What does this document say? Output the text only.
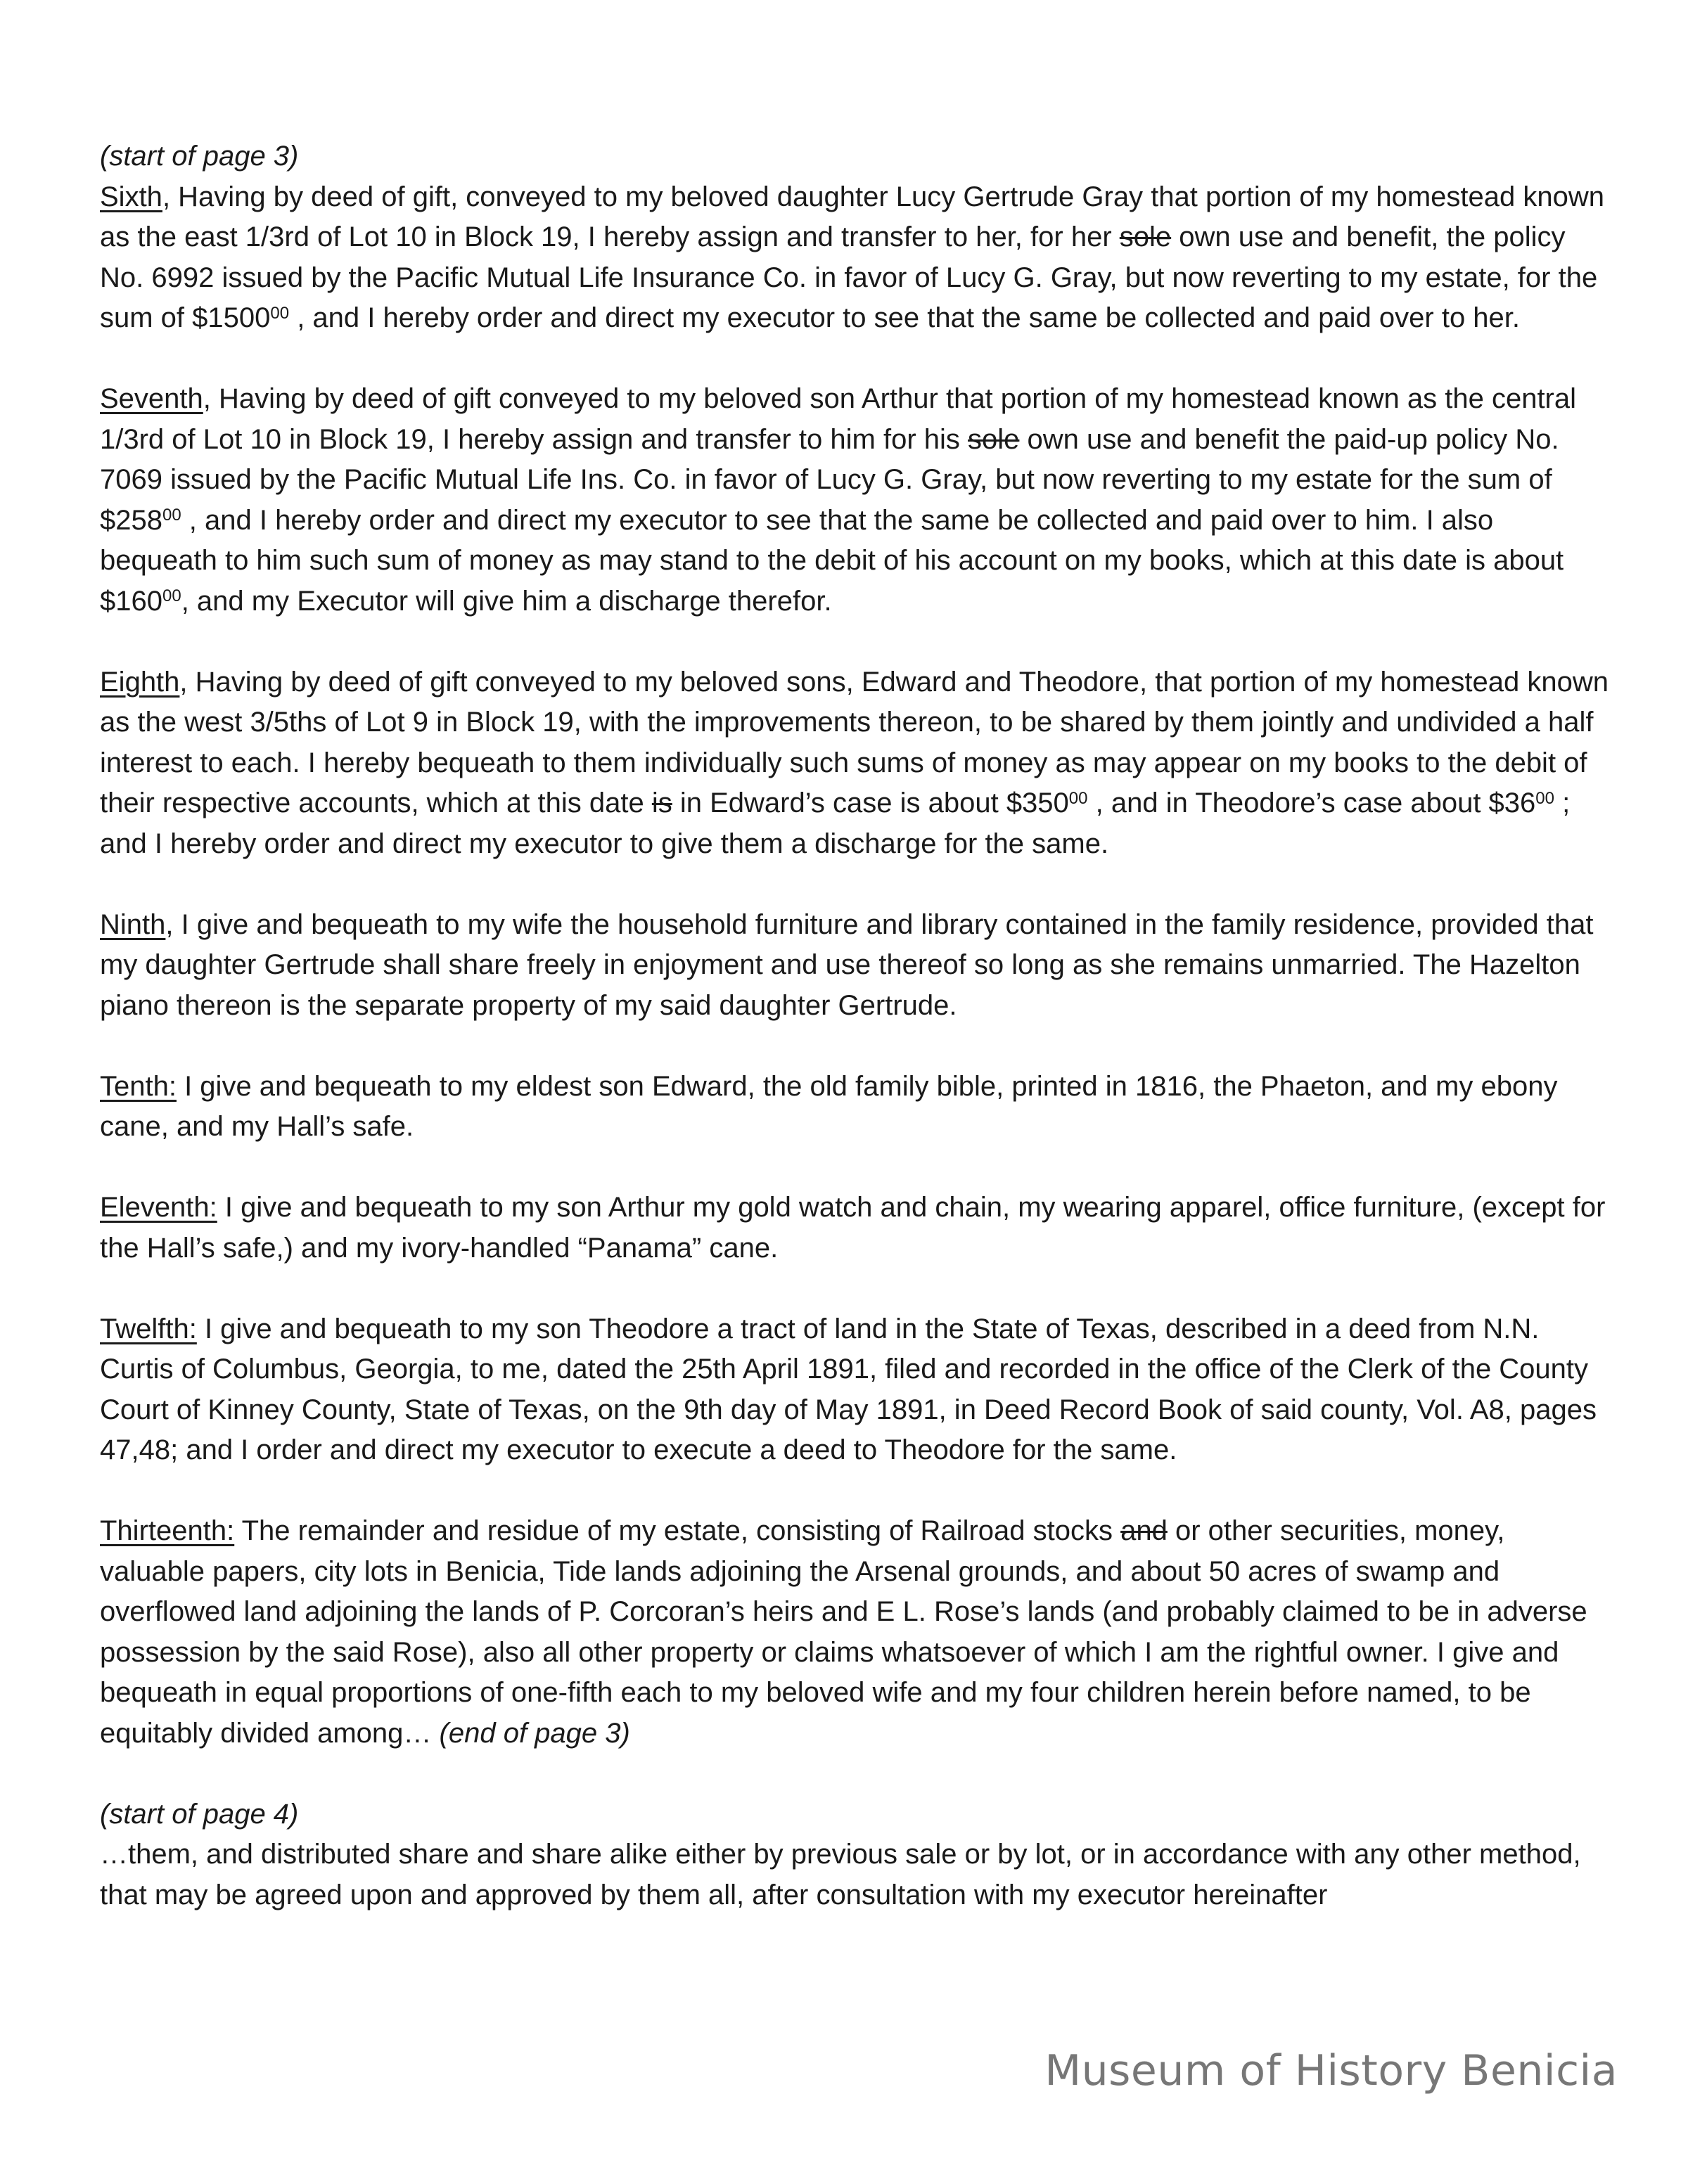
(start of page 3)

Sixth, Having by deed of gift, conveyed to my beloved daughter Lucy Gertrude Gray that portion of my homestead known as the east 1/3rd of Lot 10 in Block 19, I hereby assign and transfer to her, for her sole own use and benefit, the policy No. 6992 issued by the Pacific Mutual Life Insurance Co. in favor of Lucy G. Gray, but now reverting to my estate, for the sum of $1500$^{00}$ , and I hereby order and direct my executor to see that the same be collected and paid over to her.

Seventh, Having by deed of gift conveyed to my beloved son Arthur that portion of my homestead known as the central 1/3rd of Lot 10 in Block 19, I hereby assign and transfer to him for his sole own use and benefit the paid-up policy No. 7069 issued by the Pacific Mutual Life Ins. Co. in favor of Lucy G. Gray, but now reverting to my estate for the sum of $\$258^{00}$ , and I hereby order and direct my executor to see that the same be collected and paid over to him. I also bequeath to him such sum of money as may stand to the debit of his account on my books, which at this date is about $\$160^{00}$, and my Executor will give him a discharge therefor.

Eighth, Having by deed of gift conveyed to my beloved sons, Edward and Theodore, that portion of my homestead known as the west 3/5ths of Lot 9 in Block 19, with the improvements thereon, to be shared by them jointly and undivided a half interest to each. I hereby bequeath to them individually such sums of money as may appear on my books to the debit of their respective accounts, which at this date is in Edward’s case is about $\$350^{00}$ , and in Theodore’s case about $\$36^{00}$ ; and I hereby order and direct my executor to give them a discharge for the same.

Ninth, I give and bequeath to my wife the household furniture and library contained in the family residence, provided that my daughter Gertrude shall share freely in enjoyment and use thereof so long as she remains unmarried. The Hazelton piano thereon is the separate property of my said daughter Gertrude.

Tenth: I give and bequeath to my eldest son Edward, the old family bible, printed in 1816, the Phaeton, and my ebony cane, and my Hall’s safe.

Eleventh: I give and bequeath to my son Arthur my gold watch and chain, my wearing apparel, office furniture, (except for the Hall’s safe,) and my ivory-handled “Panama” cane.

Twelfth: I give and bequeath to my son Theodore a tract of land in the State of Texas, described in a deed from N.N. Curtis of Columbus, Georgia, to me, dated the 25th April 1891, filed and recorded in the office of the Clerk of the County Court of Kinney County, State of Texas, on the 9th day of May 1891, in Deed Record Book of said county, Vol. A8, pages 47,48; and I order and direct my executor to execute a deed to Theodore for the same.

Thirteenth: The remainder and residue of my estate, consisting of Railroad stocks and or other securities, money, valuable papers, city lots in Benicia, Tide lands adjoining the Arsenal grounds, and about 50 acres of swamp and overflowed land adjoining the lands of P. Corcoran’s heirs and E L. Rose’s lands (and probably claimed to be in adverse possession by the said Rose), also all other property or claims whatsoever of which I am the rightful owner. I give and bequeath in equal proportions of one-fifth each to my beloved wife and my four children herein before named, to be equitably divided among… (end of page 3)

(start of page 4)

…them, and distributed share and share alike either by previous sale or by lot, or in accordance with any other method, that may be agreed upon and approved by them all, after consultation with my executor hereinafter

Museum of History Benicia
